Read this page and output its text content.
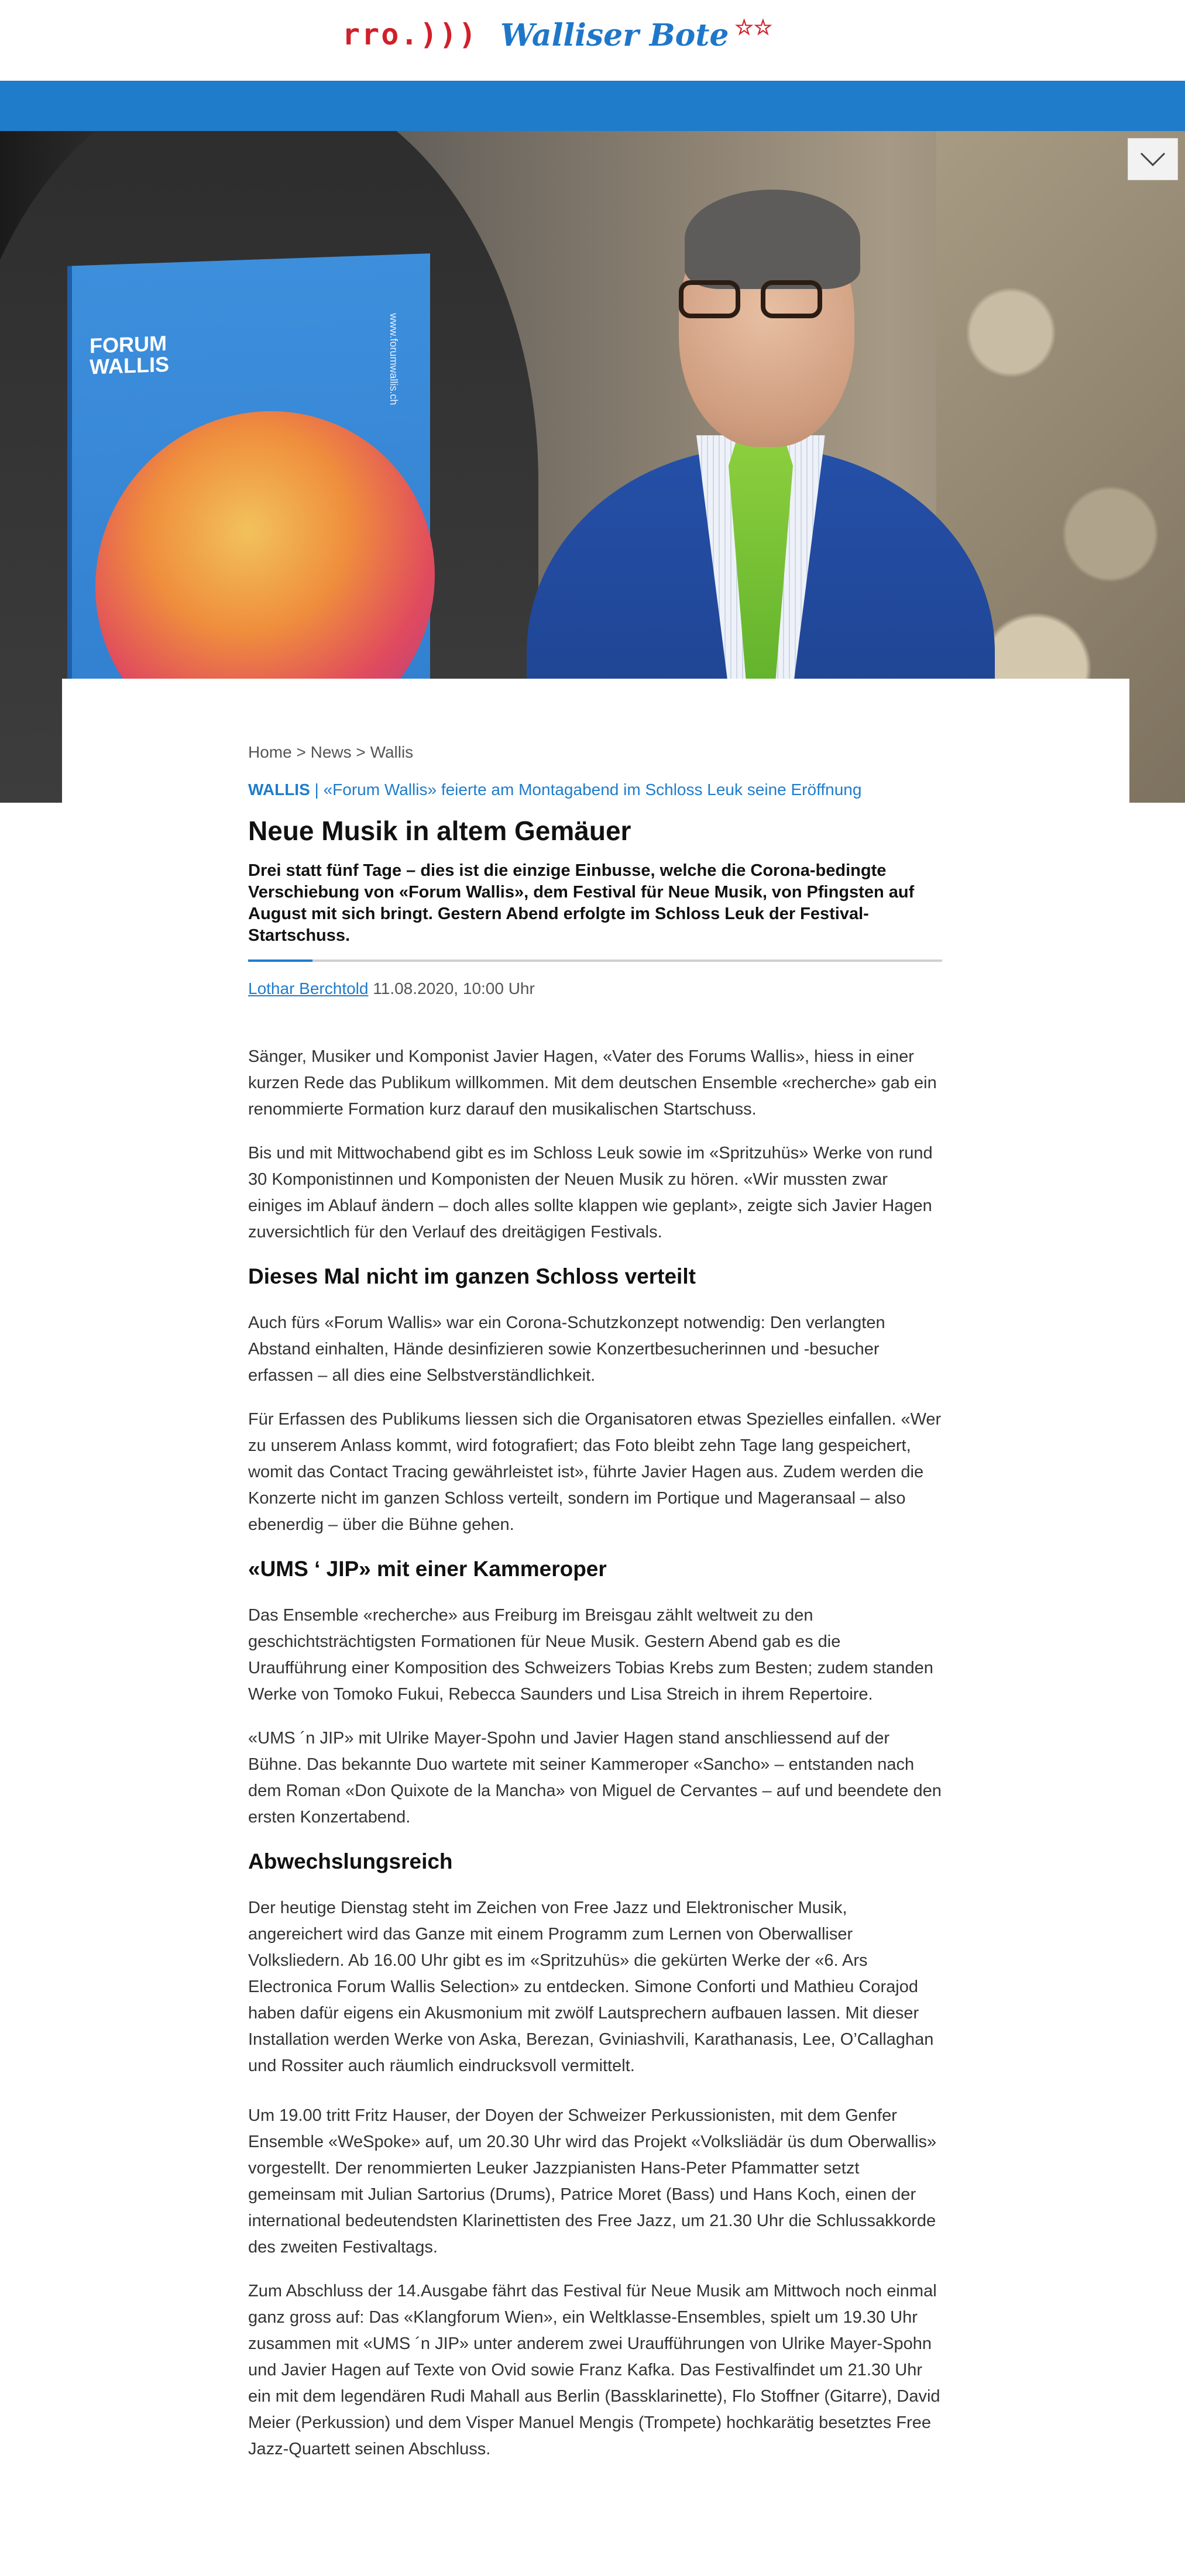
rro.))) Walliser Bote ☆☆
FORUM
WALLIS	www.forumwallis.ch
Home > News > Wallis
WALLIS | «Forum Wallis» feierte am Montagabend im Schloss Leuk seine Eröffnung
Neue Musik in altem Gemäuer
Drei statt fünf Tage – dies ist die einzige Einbusse, welche die Corona-bedingte Verschiebung von «Forum Wallis», dem Festival für Neue Musik, von Pfingsten auf August mit sich bringt. Gestern Abend erfolgte im Schloss Leuk der Festival-Startschuss.
Lothar Berchtold 11.08.2020, 10:00 Uhr

Sänger, Musiker und Komponist Javier Hagen, «Vater des Forums Wallis», hiess in einer kurzen Rede das Publikum willkommen. Mit dem deutschen Ensemble «recherche» gab ein renommierte Formation kurz darauf den musikalischen Startschuss.

Bis und mit Mittwochabend gibt es im Schloss Leuk sowie im «Spritzuhüs» Werke von rund 30 Komponistinnen und Komponisten der Neuen Musik zu hören. «Wir mussten zwar einiges im Ablauf ändern – doch alles sollte klappen wie geplant», zeigte sich Javier Hagen zuversichtlich für den Verlauf des dreitägigen Festivals.

Dieses Mal nicht im ganzen Schloss verteilt

Auch fürs «Forum Wallis» war ein Corona-Schutzkonzept notwendig: Den verlangten Abstand einhalten, Hände desinfizieren sowie Konzertbesucherinnen und -besucher erfassen – all dies eine Selbstverständlichkeit.

Für Erfassen des Publikums liessen sich die Organisatoren etwas Spezielles einfallen. «Wer zu unserem Anlass kommt, wird fotografiert; das Foto bleibt zehn Tage lang gespeichert, womit das Contact Tracing gewährleistet ist», führte Javier Hagen aus. Zudem werden die Konzerte nicht im ganzen Schloss verteilt, sondern im Portique und Mageransaal – also ebenerdig – über die Bühne gehen.

«UMS ‘ JIP» mit einer Kammeroper

Das Ensemble «recherche» aus Freiburg im Breisgau zählt weltweit zu den geschichtsträchtigsten Formationen für Neue Musik. Gestern Abend gab es die Uraufführung einer Komposition des Schweizers Tobias Krebs zum Besten; zudem standen Werke von Tomoko Fukui, Rebecca Saunders und Lisa Streich in ihrem Repertoire.

«UMS ´n JIP» mit Ulrike Mayer-Spohn und Javier Hagen stand anschliessend auf der Bühne. Das bekannte Duo wartete mit seiner Kammeroper «Sancho» – entstanden nach dem Roman «Don Quixote de la Mancha» von Miguel de Cervantes – auf und beendete den ersten Konzertabend.

Abwechslungsreich

Der heutige Dienstag steht im Zeichen von Free Jazz und Elektronischer Musik, angereichert wird das Ganze mit einem Programm zum Lernen von Oberwalliser Volksliedern. Ab 16.00 Uhr gibt es im «Spritzuhüs» die gekürten Werke der «6. Ars Electronica Forum Wallis Selection» zu entdecken. Simone Conforti und Mathieu Corajod haben dafür eigens ein Akusmonium mit zwölf Lautsprechern aufbauen lassen. Mit dieser Installation werden Werke von Aska, Berezan, Gviniashvili, Karathanasis, Lee, O’Callaghan und Rossiter auch räumlich eindrucksvoll vermittelt.

Um 19.00 tritt Fritz Hauser, der Doyen der Schweizer Perkussionisten, mit dem Genfer Ensemble «WeSpoke» auf, um 20.30 Uhr wird das Projekt «Volksliädär üs dum Oberwallis» vorgestellt. Der renommierten Leuker Jazzpianisten Hans-Peter Pfammatter setzt gemeinsam mit Julian Sartorius (Drums), Patrice Moret (Bass) und Hans Koch, einen der international bedeutendsten Klarinettisten des Free Jazz, um 21.30 Uhr die Schlussakkorde des zweiten Festivaltags.

Zum Abschluss der 14.Ausgabe fährt das Festival für Neue Musik am Mittwoch noch einmal ganz gross auf: Das «Klangforum Wien», ein Weltklasse-Ensembles, spielt um 19.30 Uhr zusammen mit «UMS ´n JIP» unter anderem zwei Uraufführungen von Ulrike Mayer-Spohn und Javier Hagen auf Texte von Ovid sowie Franz Kafka. Das Festivalfindet um 21.30 Uhr ein mit dem legendären Rudi Mahall aus Berlin (Bassklarinette), Flo Stoffner (Gitarre), David Meier (Perkussion) und dem Visper Manuel Mengis (Trompete) hochkarätig besetztes Free Jazz-Quartett seinen Abschluss.
